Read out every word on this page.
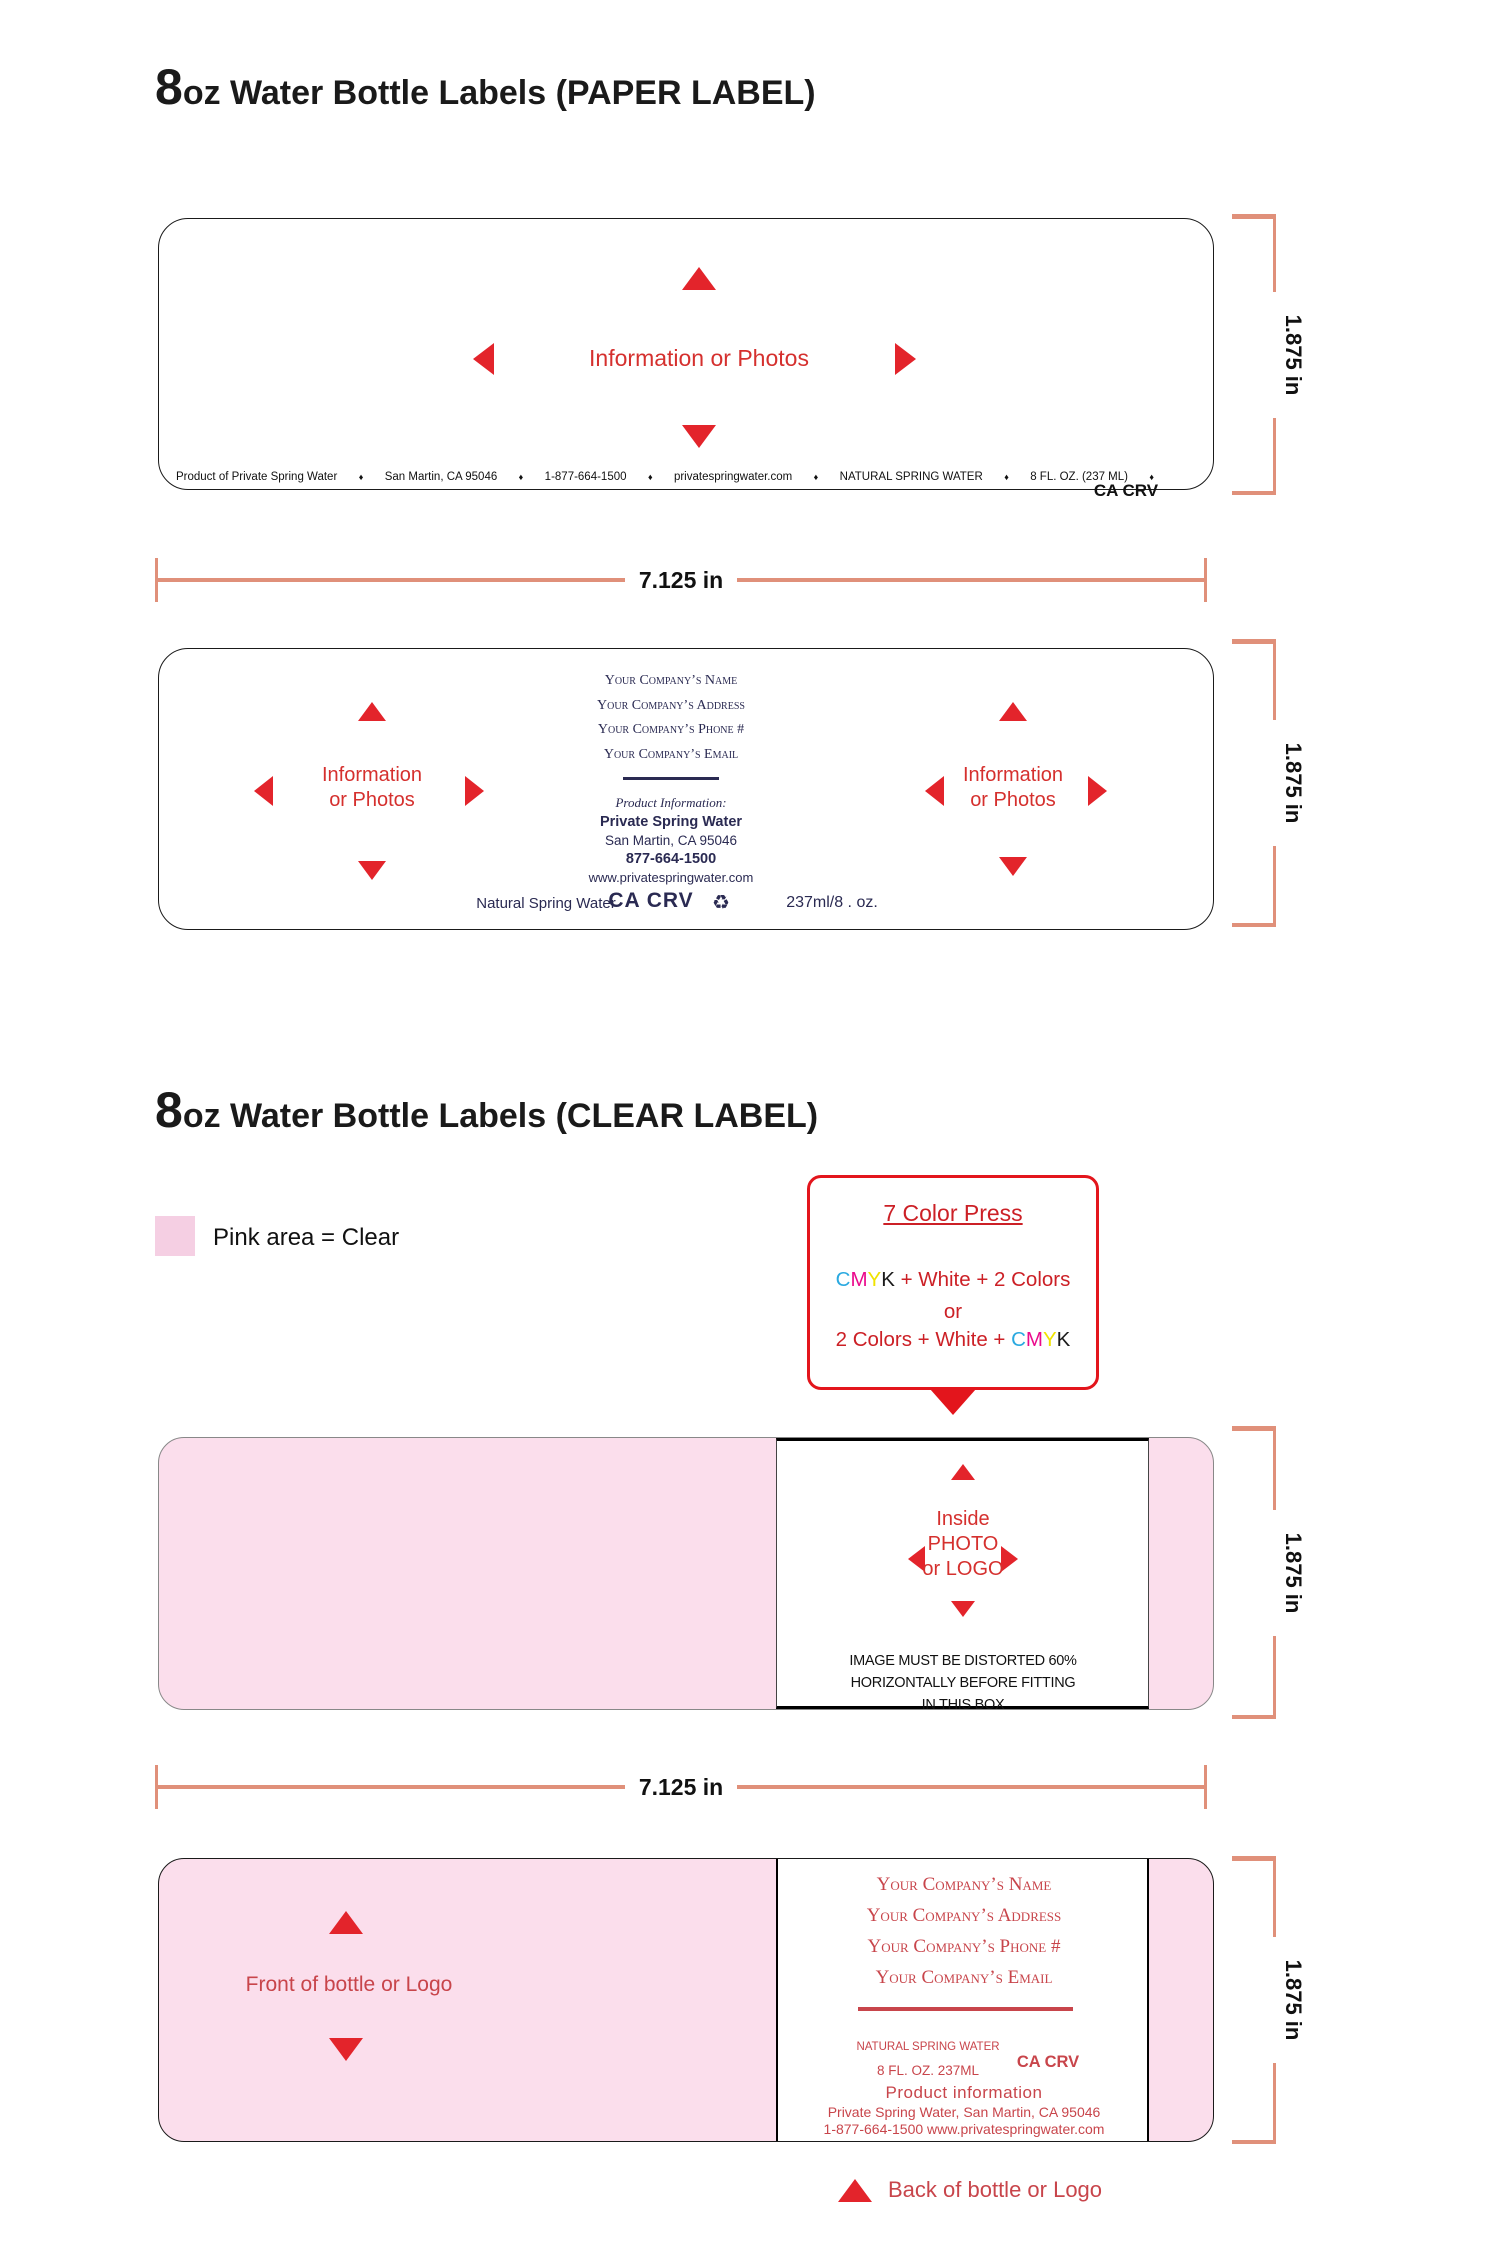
8 oz Water Bottle Labels (PAPER LABEL)
Information or Photos
Product of Private Spring Water ♦ San Martin, CA 95046 ♦ 1-877-664-1500 ♦ privatespringwater.com ♦ NATURAL SPRING WATER ♦ 8 FL. OZ. (237 ML) ♦
CA CRV
1.875 in
7.125 in
Information
or Photos
Your Company’s Name
Your Company’s Address
Your Company’s Phone #
Your Company’s Email
Product Information:
Private Spring Water
San Martin, CA 95046
877-664-1500
www.privatespringwater.com
Natural Spring Water
CA CRV ♻	237ml/8 . oz.
Information
or Photos	1.875 in
8 oz Water Bottle Labels (CLEAR LABEL)
Pink area = Clear
7 Color Press
CMYK + White + 2 Colors
or
2 Colors + White + CMYK
Inside
PHOTO
or LOGO
IMAGE MUST BE DISTORTED 60%
HORIZONTALLY BEFORE FITTING
IN THIS BOX
1.875 in
7.125 in
Front of bottle or Logo
Your Company’s Name
Your Company’s Address
Your Company’s Phone #
Your Company’s Email
NATURAL SPRING WATER
8 FL. OZ. 237ML	CA CRV
Product information
Private Spring Water, San Martin, CA 95046
1-877-664-1500 www.privatespringwater.com
1.875 in
Back of bottle or Logo
